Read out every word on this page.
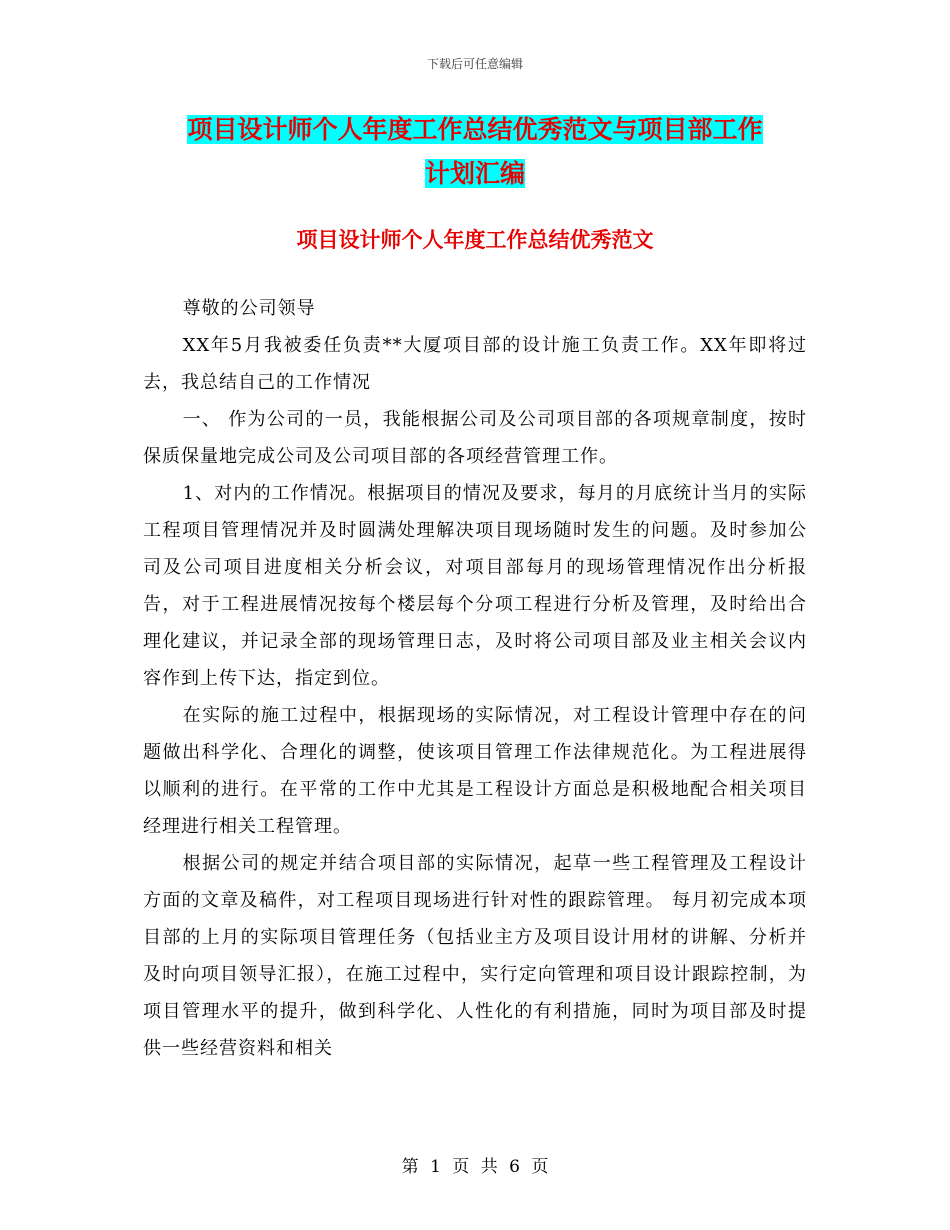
下载后可任意编辑
项目设计师个人年度工作总结优秀范文与项目部工作
计划汇编
项目设计师个人年度工作总结优秀范文

尊敬的公司领导

XX年5月我被委任负责**大厦项目部的设计施工负责工作。XX年即将过去，我总结自己的工作情况

一、 作为公司的一员，我能根据公司及公司项目部的各项规章制度，按时保质保量地完成公司及公司项目部的各项经营管理工作。

1、对内的工作情况。根据项目的情况及要求，每月的月底统计当月的实际工程项目管理情况并及时圆满处理解决项目现场随时发生的问题。及时参加公司及公司项目进度相关分析会议，对项目部每月的现场管理情况作出分析报告，对于工程进展情况按每个楼层每个分项工程进行分析及管理，及时给出合理化建议，并记录全部的现场管理日志，及时将公司项目部及业主相关会议内容作到上传下达，指定到位。

在实际的施工过程中，根据现场的实际情况，对工程设计管理中存在的问题做出科学化、合理化的调整，使该项目管理工作法律规范化。为工程进展得以顺利的进行。在平常的工作中尤其是工程设计方面总是积极地配合相关项目经理进行相关工程管理。

根据公司的规定并结合项目部的实际情况，起草一些工程管理及工程设计方面的文章及稿件，对工程项目现场进行针对性的跟踪管理。 每月初完成本项目部的上月的实际项目管理任务（包括业主方及项目设计用材的讲解、分析并及时向项目领导汇报），在施工过程中，实行定向管理和项目设计跟踪控制，为项目管理水平的提升，做到科学化、人性化的有利措施，同时为项目部及时提供一些经营资料和相关

第 1 页 共 6 页
